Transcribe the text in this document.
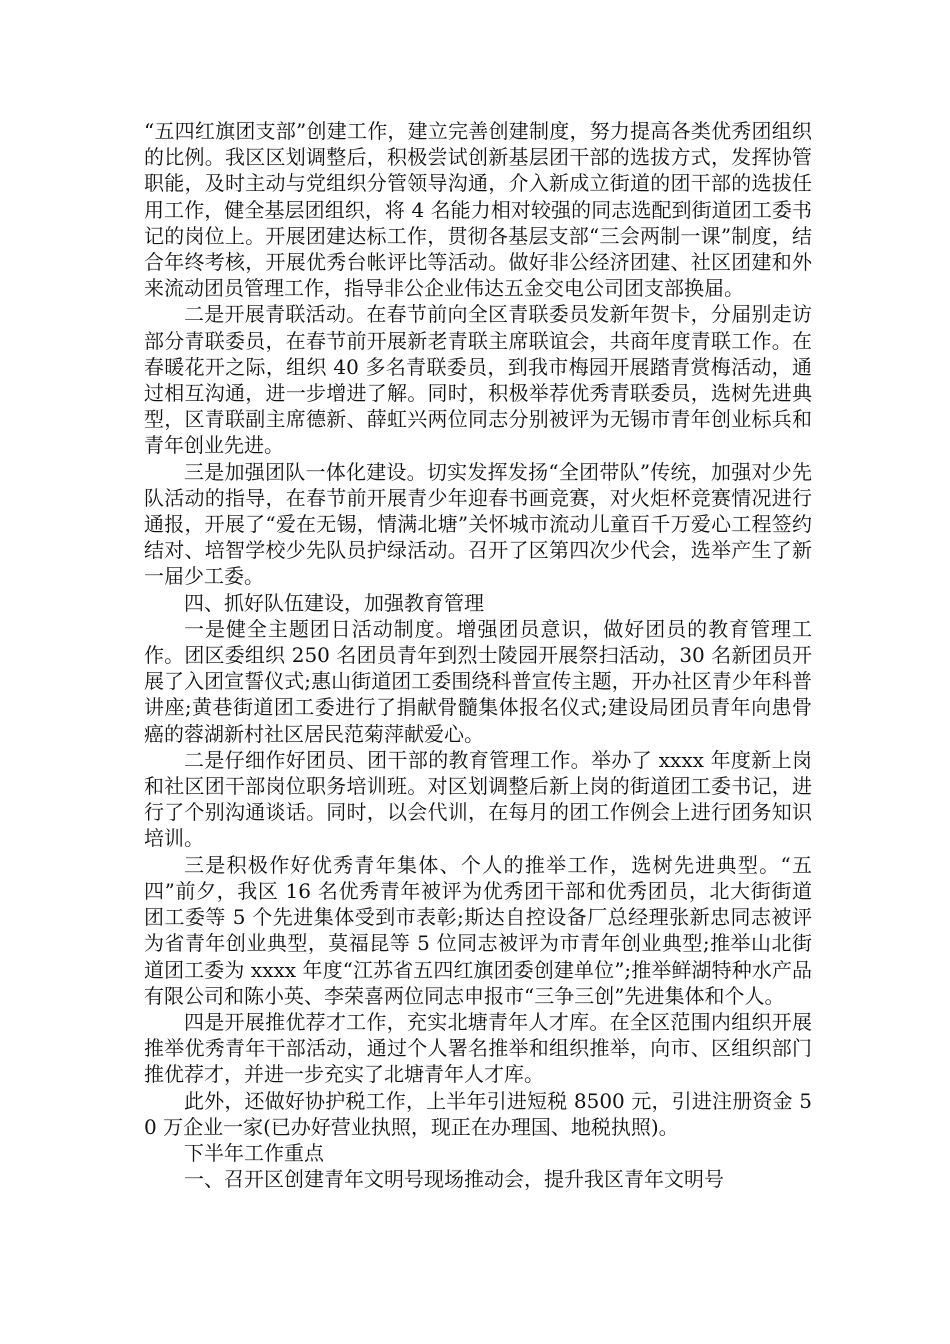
“五四红旗团支部”创建工作，建立完善创建制度，努力提高各类优秀团组织的比例。我区区划调整后，积极尝试创新基层团干部的选拔方式，发挥协管职能，及时主动与党组织分管领导沟通，介入新成立街道的团干部的选拔任用工作，健全基层团组织，将 4 名能力相对较强的同志选配到街道团工委书记的岗位上。开展团建达标工作，贯彻各基层支部“三会两制一课”制度，结合年终考核，开展优秀台帐评比等活动。做好非公经济团建、社区团建和外来流动团员管理工作，指导非公企业伟达五金交电公司团支部换届。

二是开展青联活动。在春节前向全区青联委员发新年贺卡，分届别走访部分青联委员，在春节前开展新老青联主席联谊会，共商年度青联工作。在春暖花开之际，组织 40 多名青联委员，到我市梅园开展踏青赏梅活动，通过相互沟通，进一步增进了解。同时，积极举荐优秀青联委员，选树先进典型，区青联副主席德新、薛虹兴两位同志分别被评为无锡市青年创业标兵和青年创业先进。

三是加强团队一体化建设。切实发挥发扬“全团带队”传统，加强对少先队活动的指导，在春节前开展青少年迎春书画竞赛，对火炬杯竞赛情况进行通报，开展了“爱在无锡，情满北塘”关怀城市流动儿童百千万爱心工程签约结对、培智学校少先队员护绿活动。召开了区第四次少代会，选举产生了新一届少工委。

四、抓好队伍建设，加强教育管理

一是健全主题团日活动制度。增强团员意识，做好团员的教育管理工作。团区委组织 250 名团员青年到烈士陵园开展祭扫活动，30 名新团员开展了入团宣誓仪式;惠山街道团工委围绕科普宣传主题，开办社区青少年科普讲座;黄巷街道团工委进行了捐献骨髓集体报名仪式;建设局团员青年向患骨癌的蓉湖新村社区居民范菊萍献爱心。

二是仔细作好团员、团干部的教育管理工作。举办了 xxxx 年度新上岗和社区团干部岗位职务培训班。对区划调整后新上岗的街道团工委书记，进行了个别沟通谈话。同时，以会代训，在每月的团工作例会上进行团务知识培训。

三是积极作好优秀青年集体、个人的推举工作，选树先进典型。“五四”前夕，我区 16 名优秀青年被评为优秀团干部和优秀团员，北大街街道团工委等 5 个先进集体受到市表彰;斯达自控设备厂总经理张新忠同志被评为省青年创业典型，莫福昆等 5 位同志被评为市青年创业典型;推举山北街道团工委为 xxxx 年度“江苏省五四红旗团委创建单位”;推举鲜湖特种水产品有限公司和陈小英、李荣喜两位同志申报市“三争三创”先进集体和个人。

四是开展推优荐才工作，充实北塘青年人才库。在全区范围内组织开展推举优秀青年干部活动，通过个人署名推举和组织推举，向市、区组织部门推优荐才，并进一步充实了北塘青年人才库。

此外，还做好协护税工作，上半年引进短税 8500 元，引进注册资金 50 万企业一家(已办好营业执照，现正在办理国、地税执照)。

下半年工作重点

一、召开区创建青年文明号现场推动会，提升我区青年文明号
